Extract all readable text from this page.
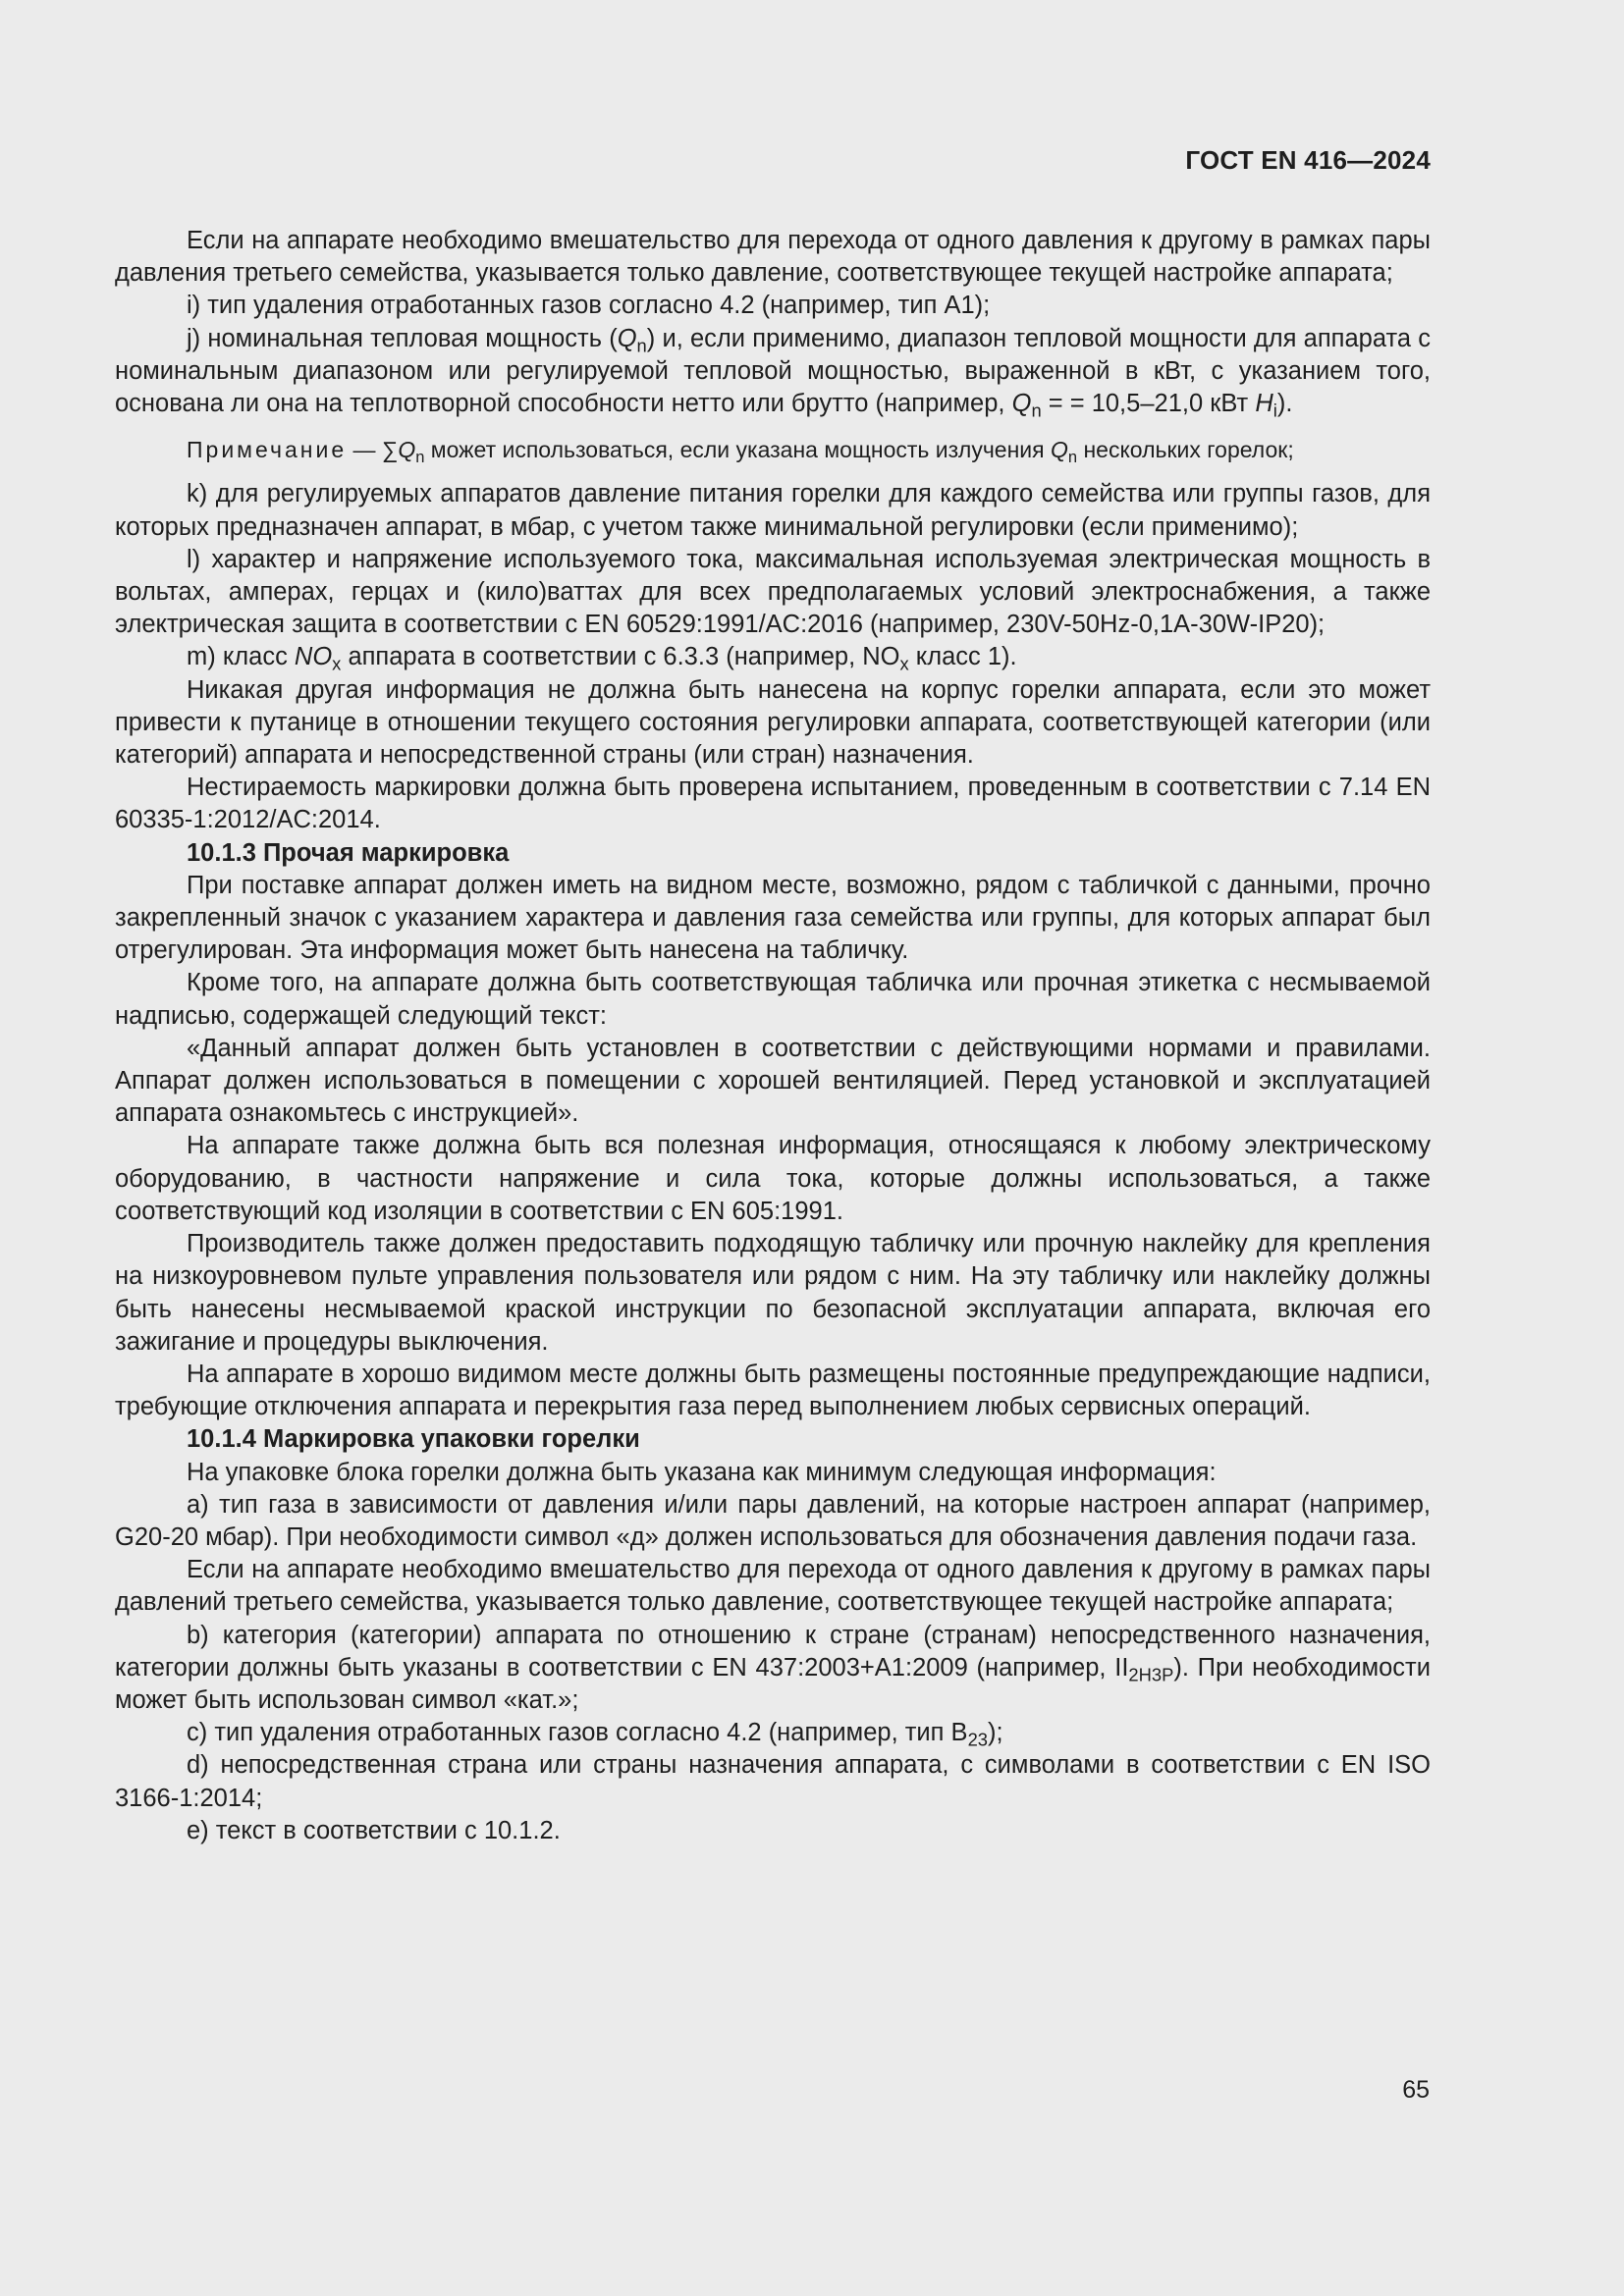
ГОСТ EN 416—2024

Если на аппарате необходимо вмешательство для перехода от одного давления к другому в рамках пары давления третьего семейства, указывается только давление, соответствующее текущей настройке аппарата;

i) тип удаления отработанных газов согласно 4.2 (например, тип А1);

j) номинальная тепловая мощность $(Q_n)$ и, если применимо, диапазон тепловой мощности для аппарата с номинальным диапазоном или регулируемой тепловой мощностью, выраженной в кВт, с указанием того, основана ли она на теплотворной способности нетто или брутто (например, $Q_n$ = = 10,5–21,0 кВт $H_i$).

Примечание — $\sum Q_n$ может использоваться, если указана мощность излучения $Q_n$ нескольких горелок;

k) для регулируемых аппаратов давление питания горелки для каждого семейства или группы газов, для которых предназначен аппарат, в мбар, с учетом также минимальной регулировки (если применимо);

l) характер и напряжение используемого тока, максимальная используемая электрическая мощность в вольтах, амперах, герцах и (кило)ваттах для всех предполагаемых условий электроснабжения, а также электрическая защита в соответствии с EN 60529:1991/AC:2016 (например, 230V-50Hz-0,1A-30W-IP20);

m) класс $NO_x$ аппарата в соответствии с 6.3.3 (например, $NO_x$ класс 1).

Никакая другая информация не должна быть нанесена на корпус горелки аппарата, если это может привести к путанице в отношении текущего состояния регулировки аппарата, соответствующей категории (или категорий) аппарата и непосредственной страны (или стран) назначения.

Нестираемость маркировки должна быть проверена испытанием, проведенным в соответствии с 7.14 EN 60335-1:2012/AC:2014.

10.1.3 Прочая маркировка

При поставке аппарат должен иметь на видном месте, возможно, рядом с табличкой с данными, прочно закрепленный значок с указанием характера и давления газа семейства или группы, для которых аппарат был отрегулирован. Эта информация может быть нанесена на табличку.

Кроме того, на аппарате должна быть соответствующая табличка или прочная этикетка с несмываемой надписью, содержащей следующий текст:

«Данный аппарат должен быть установлен в соответствии с действующими нормами и правилами. Аппарат должен использоваться в помещении с хорошей вентиляцией. Перед установкой и эксплуатацией аппарата ознакомьтесь с инструкцией».

На аппарате также должна быть вся полезная информация, относящаяся к любому электрическому оборудованию, в частности напряжение и сила тока, которые должны использоваться, а также соответствующий код изоляции в соответствии с EN 605:1991.

Производитель также должен предоставить подходящую табличку или прочную наклейку для крепления на низкоуровневом пульте управления пользователя или рядом с ним. На эту табличку или наклейку должны быть нанесены несмываемой краской инструкции по безопасной эксплуатации аппарата, включая его зажигание и процедуры выключения.

На аппарате в хорошо видимом месте должны быть размещены постоянные предупреждающие надписи, требующие отключения аппарата и перекрытия газа перед выполнением любых сервисных операций.

10.1.4 Маркировка упаковки горелки

На упаковке блока горелки должна быть указана как минимум следующая информация:

a) тип газа в зависимости от давления и/или пары давлений, на которые настроен аппарат (например, G20-20 мбар). При необходимости символ «д» должен использоваться для обозначения давления подачи газа.

Если на аппарате необходимо вмешательство для перехода от одного давления к другому в рамках пары давлений третьего семейства, указывается только давление, соответствующее текущей настройке аппарата;

b) категория (категории) аппарата по отношению к стране (странам) непосредственного назначения, категории должны быть указаны в соответствии с EN 437:2003+A1:2009 (например, $II_{2H3P}$). При необходимости может быть использован символ «кат.»;

c) тип удаления отработанных газов согласно 4.2 (например, тип $B_{23}$);

d) непосредственная страна или страны назначения аппарата, с символами в соответствии с EN ISO 3166-1:2014;

e) текст в соответствии с 10.1.2.

65
